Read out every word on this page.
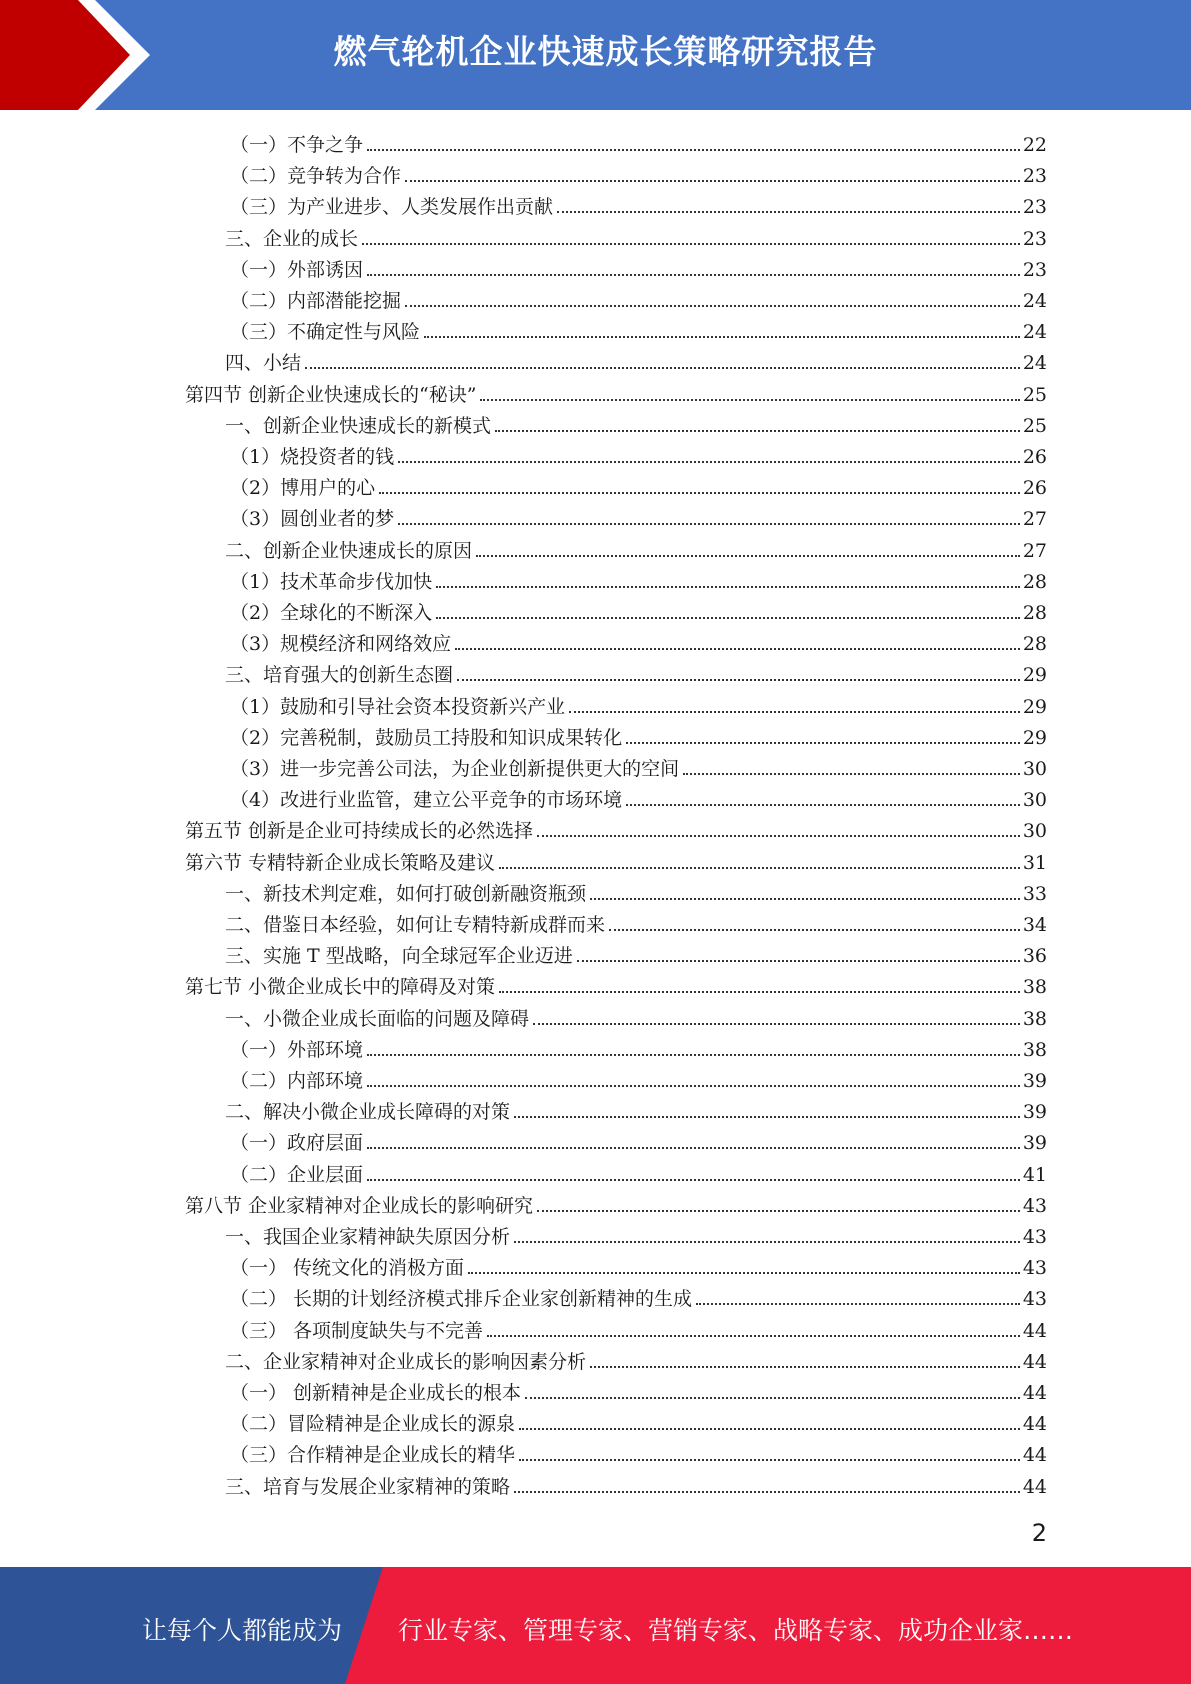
燃气轮机企业快速成长策略研究报告
（一）不争之争	22
（二）竞争转为合作	23
（三）为产业进步、人类发展作出贡献	23
三、企业的成长	23
（一）外部诱因	23
（二）内部潜能挖掘	24
（三）不确定性与风险	24
四、小结	24
第四节 创新企业快速成长的“秘诀”	25
一、创新企业快速成长的新模式	25
（1）烧投资者的钱	26
（2）博用户的心	26
（3）圆创业者的梦	27
二、创新企业快速成长的原因	27
（1）技术革命步伐加快	28
（2）全球化的不断深入	28
（3）规模经济和网络效应	28
三、培育强大的创新生态圈	29
（1）鼓励和引导社会资本投资新兴产业	29
（2）完善税制，鼓励员工持股和知识成果转化	29
（3）进一步完善公司法，为企业创新提供更大的空间	30
（4）改进行业监管，建立公平竞争的市场环境	30
第五节 创新是企业可持续成长的必然选择	30
第六节 专精特新企业成长策略及建议	31
一、新技术判定难，如何打破创新融资瓶颈	33
二、借鉴日本经验，如何让专精特新成群而来	34
三、实施 T 型战略，向全球冠军企业迈进	36
第七节 小微企业成长中的障碍及对策	38
一、小微企业成长面临的问题及障碍	38
（一）外部环境	38
（二）内部环境	39
二、解决小微企业成长障碍的对策	39
（一）政府层面	39
（二）企业层面	41
第八节 企业家精神对企业成长的影响研究	43
一、我国企业家精神缺失原因分析	43
（一） 传统文化的消极方面	43
（二） 长期的计划经济模式排斥企业家创新精神的生成	43
（三） 各项制度缺失与不完善	44
二、企业家精神对企业成长的影响因素分析	44
（一） 创新精神是企业成长的根本	44
（二）冒险精神是企业成长的源泉	44
（三）合作精神是企业成长的精华	44
三、培育与发展企业家精神的策略	44
2
让每个人都能成为 行业专家、管理专家、营销专家、战略专家、成功企业家……
